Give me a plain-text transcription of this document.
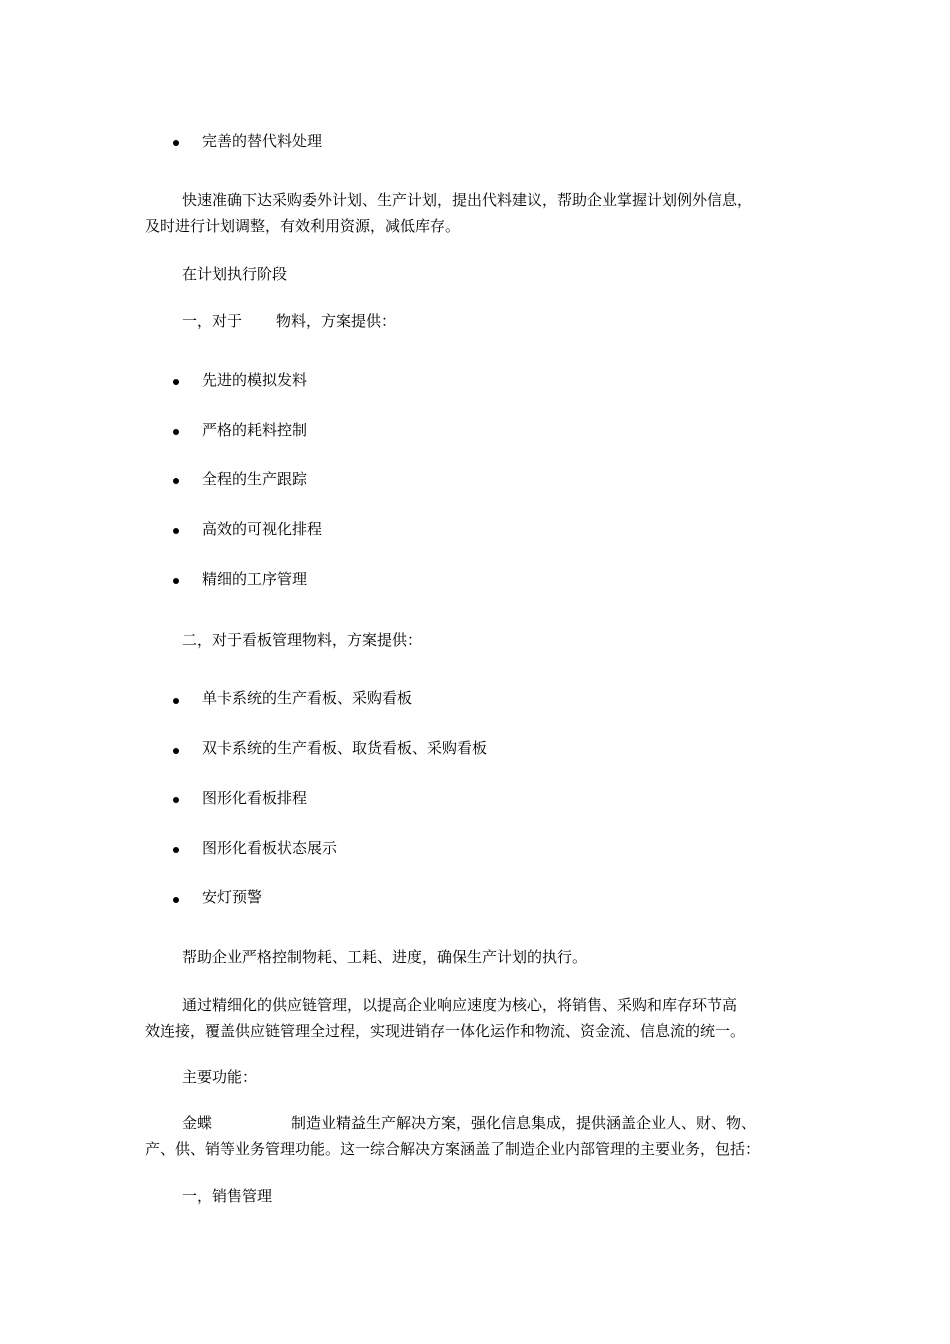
完善的替代料处理
快速准确下达采购委外计划、生产计划，提出代料建议，帮助企业掌握计划例外信息，
及时进行计划调整，有效利用资源，减低库存。
在计划执行阶段
一，对于 物料，方案提供：
先进的模拟发料
严格的耗料控制
全程的生产跟踪
高效的可视化排程
精细的工序管理
二，对于看板管理物料，方案提供：
单卡系统的生产看板、采购看板
双卡系统的生产看板、取货看板、采购看板
图形化看板排程
图形化看板状态展示
安灯预警
帮助企业严格控制物耗、工耗、进度，确保生产计划的执行。
通过精细化的供应链管理，以提高企业响应速度为核心，将销售、采购和库存环节高
效连接，覆盖供应链管理全过程，实现进销存一体化运作和物流、资金流、信息流的统一。
主要功能：
金蝶	制造业精益生产解决方案，强化信息集成，提供涵盖企业人、财、物、
产、供、销等业务管理功能。这一综合解决方案涵盖了制造企业内部管理的主要业务，包括：
一，销售管理
